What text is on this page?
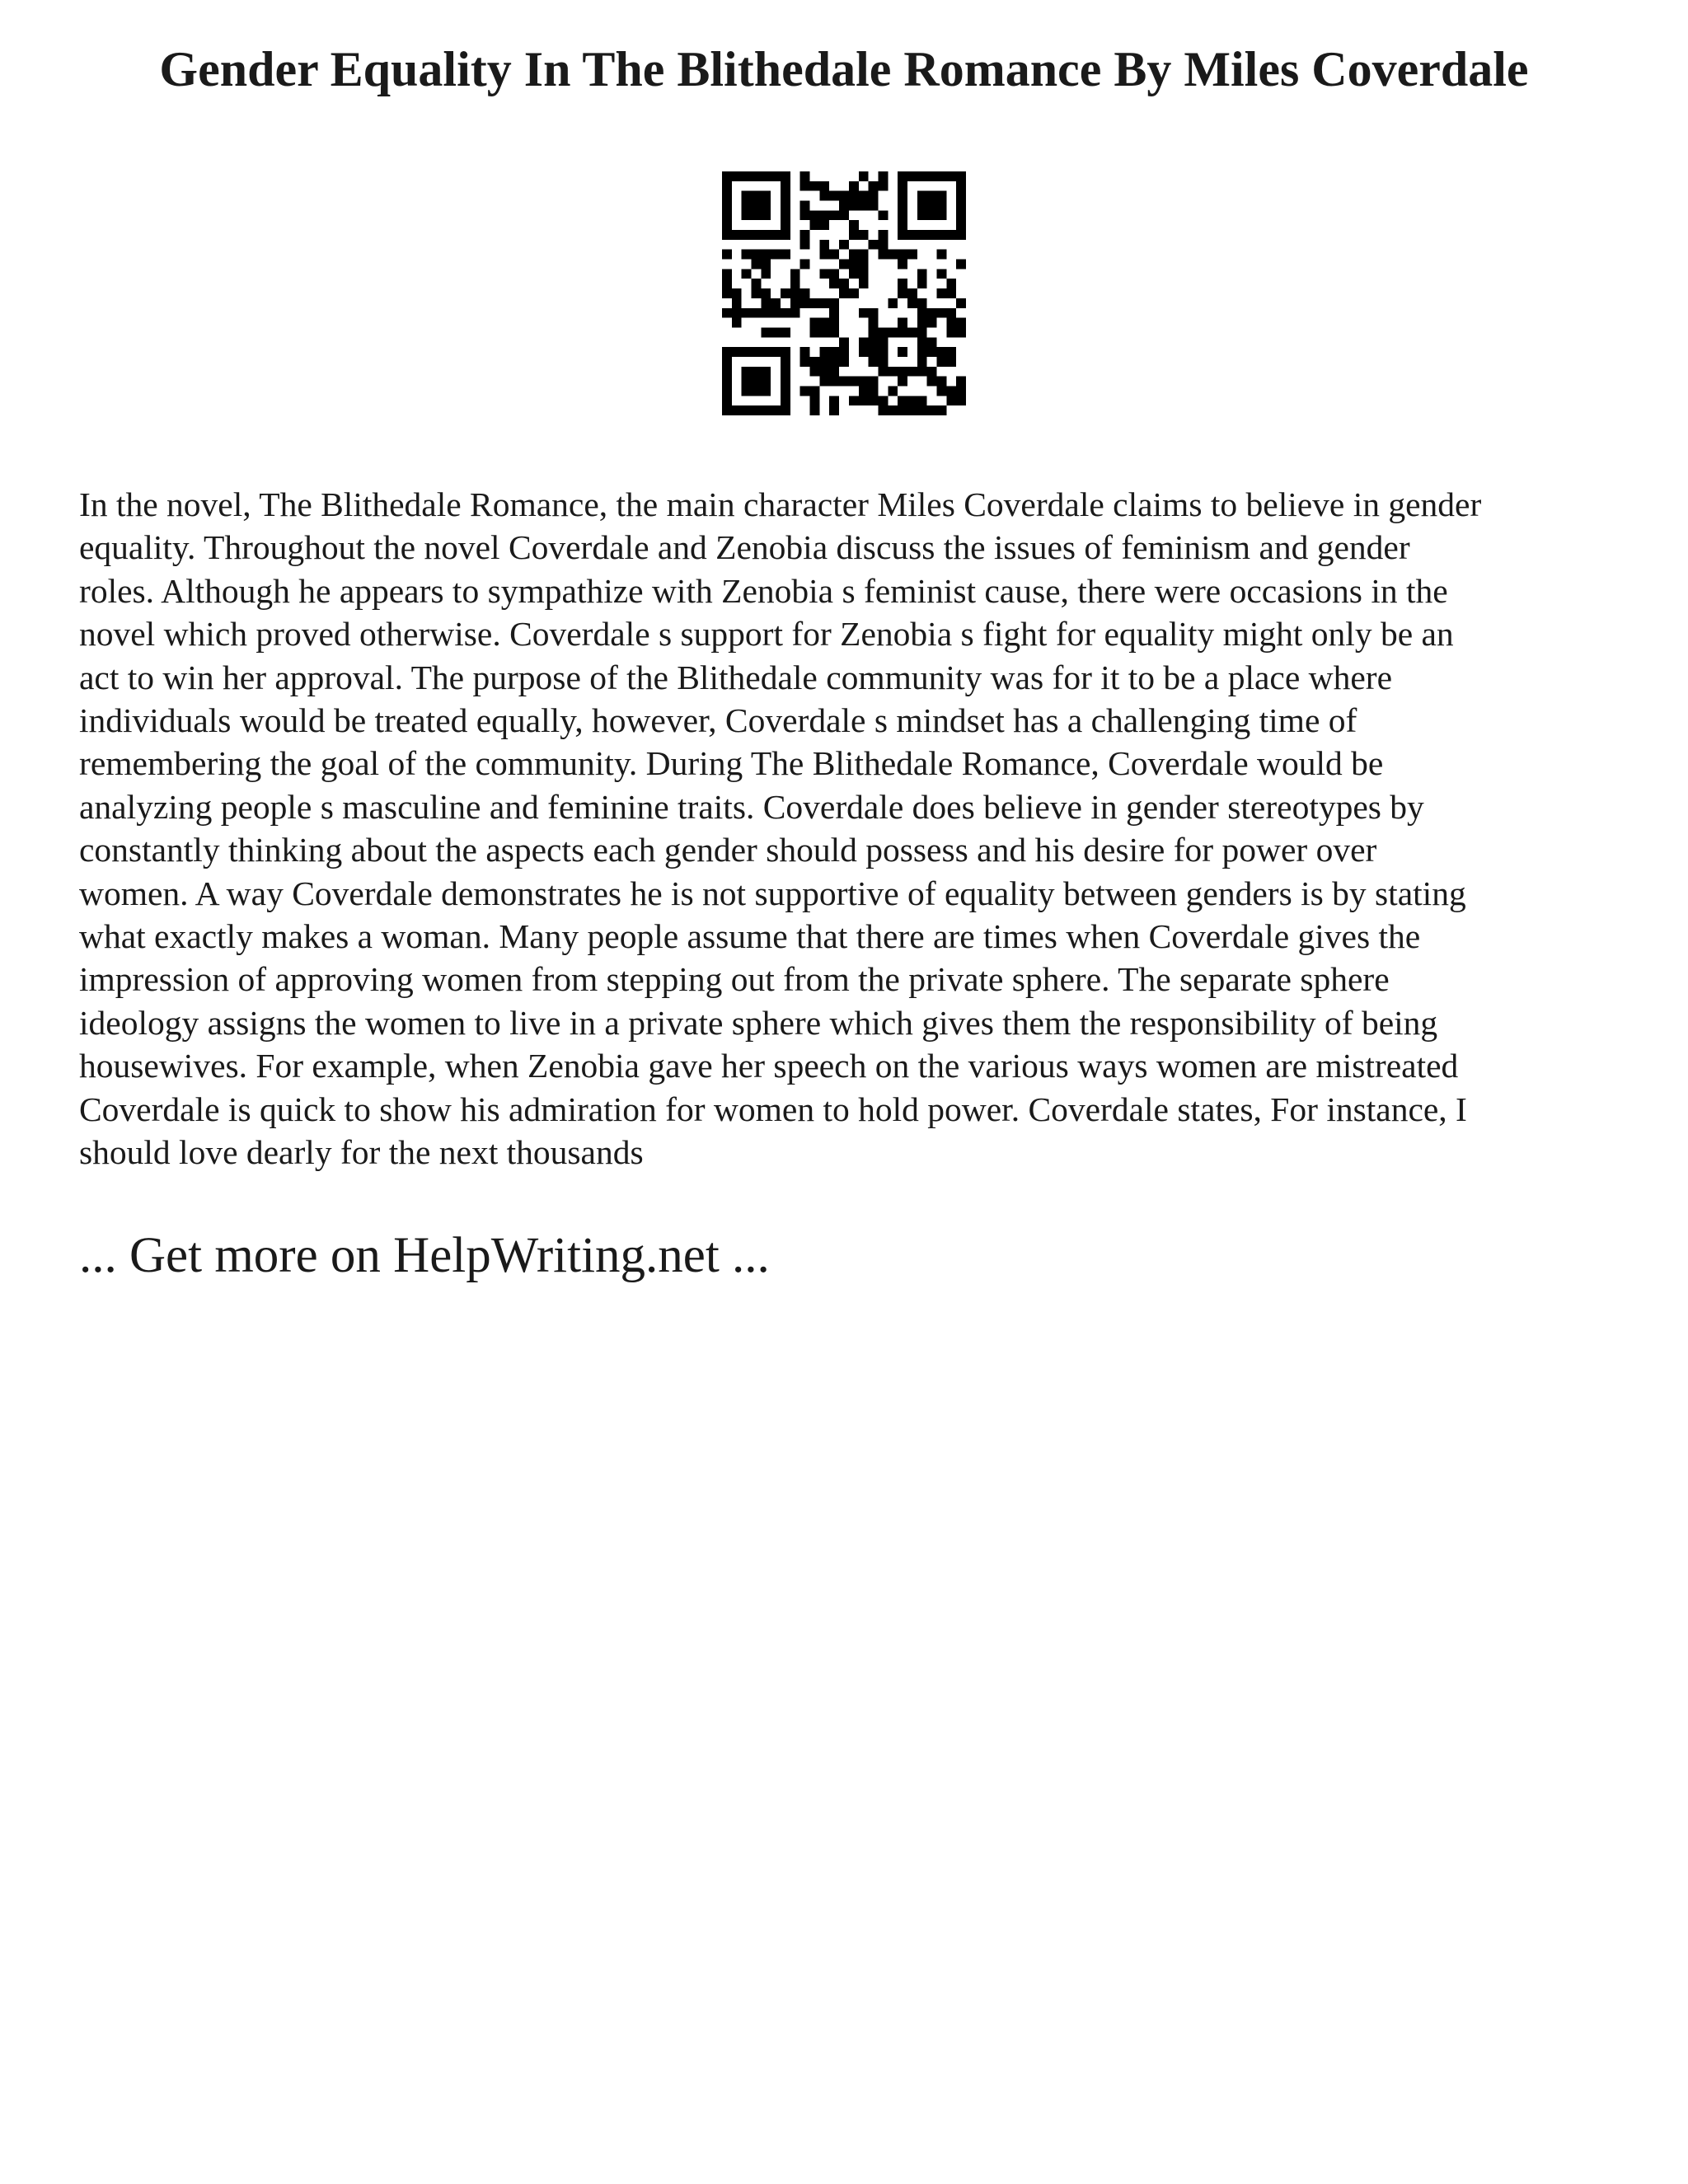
Gender Equality In The Blithedale Romance By Miles Coverdale
In the novel, The Blithedale Romance, the main character Miles Coverdale claims to believe in gender
equality. Throughout the novel Coverdale and Zenobia discuss the issues of feminism and gender
roles. Although he appears to sympathize with Zenobia s feminist cause, there were occasions in the
novel which proved otherwise. Coverdale s support for Zenobia s fight for equality might only be an
act to win her approval. The purpose of the Blithedale community was for it to be a place where
individuals would be treated equally, however, Coverdale s mindset has a challenging time of
remembering the goal of the community. During The Blithedale Romance, Coverdale would be
analyzing people s masculine and feminine traits. Coverdale does believe in gender stereotypes by
constantly thinking about the aspects each gender should possess and his desire for power over
women. A way Coverdale demonstrates he is not supportive of equality between genders is by stating
what exactly makes a woman. Many people assume that there are times when Coverdale gives the
impression of approving women from stepping out from the private sphere. The separate sphere
ideology assigns the women to live in a private sphere which gives them the responsibility of being
housewives. For example, when Zenobia gave her speech on the various ways women are mistreated
Coverdale is quick to show his admiration for women to hold power. Coverdale states, For instance, I
should love dearly for the next thousands
... Get more on HelpWriting.net ...
